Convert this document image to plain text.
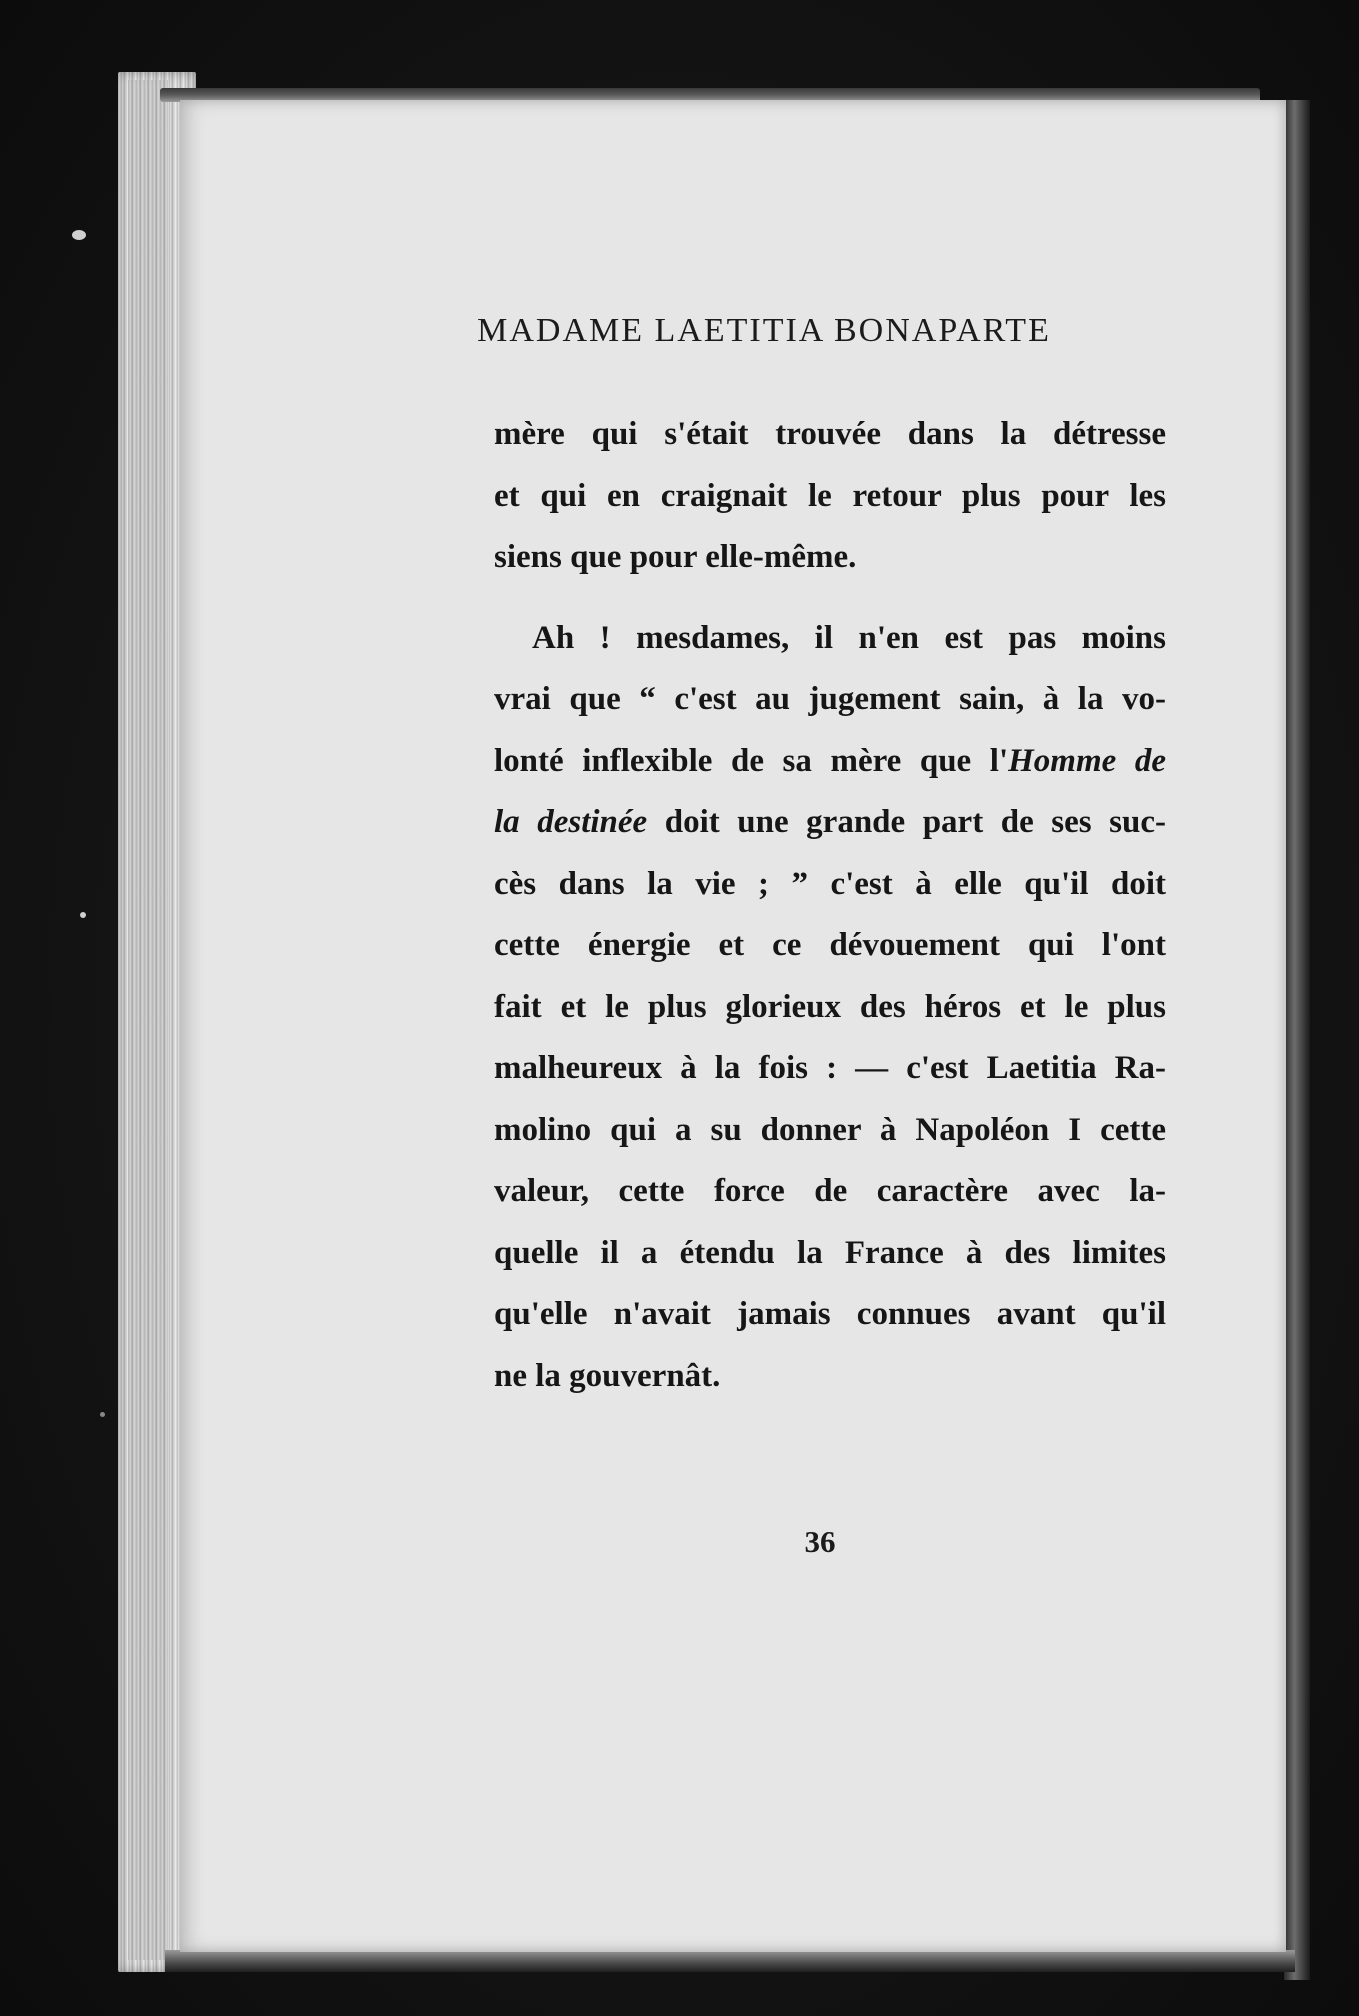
MADAME LAETITIA BONAPARTE
mère qui s'était trouvée dans la détresse
et qui en craignait le retour plus pour les
siens que pour elle-même.
Ah ! mesdames, il n'en est pas moins
vrai que “ c'est au jugement sain, à la vo-
lonté inflexible de sa mère que l'Homme de
la destinée doit une grande part de ses suc-
cès dans la vie ; ” c'est à elle qu'il doit
cette énergie et ce dévouement qui l'ont
fait et le plus glorieux des héros et le plus
malheureux à la fois : — c'est Laetitia Ra-
molino qui a su donner à Napoléon I cette
valeur, cette force de caractère avec la-
quelle il a étendu la France à des limites
qu'elle n'avait jamais connues avant qu'il
ne la gouvernât.
36
